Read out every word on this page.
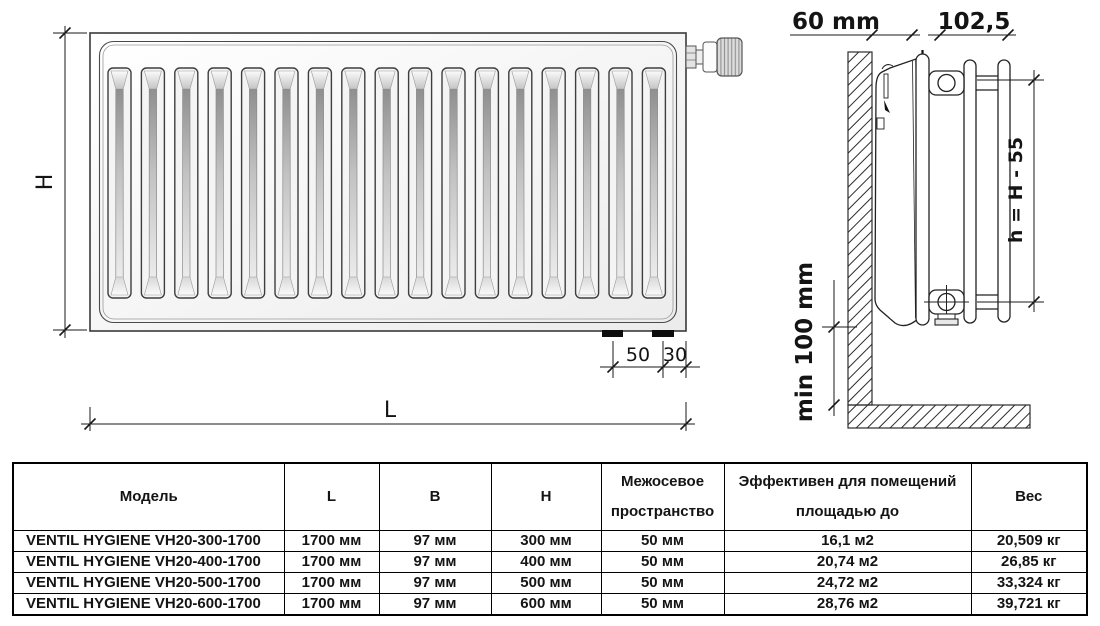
H
50 30
L
60 mm	102,5
h = H - 55
min 100 mm
Модель	L	B	H	Межосевое пространство	Эффективен для помещений площадью до	Вес
VENTIL HYGIENE VH20-300-1700	1700 мм	97 мм	300 мм	50 мм	16,1 м2	20,509 кг
VENTIL HYGIENE VH20-400-1700	1700 мм	97 мм	400 мм	50 мм	20,74 м2	26,85 кг
VENTIL HYGIENE VH20-500-1700	1700 мм	97 мм	500 мм	50 мм	24,72 м2	33,324 кг
VENTIL HYGIENE VH20-600-1700	1700 мм	97 мм	600 мм	50 мм	28,76 м2	39,721 кг
